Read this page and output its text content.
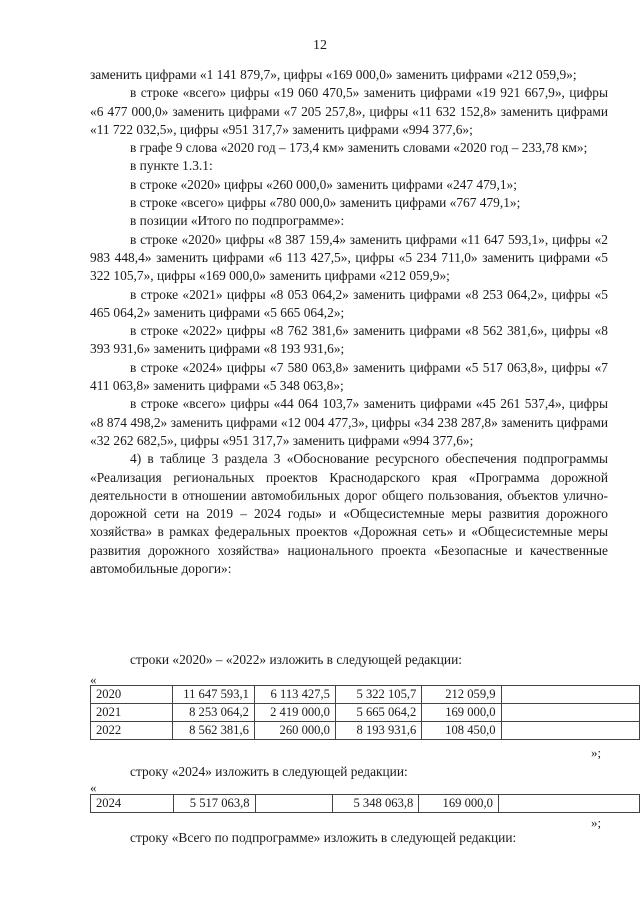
12

заменить цифрами «1 141 879,7», цифры «169 000,0» заменить цифрами «212 059,9»;

в строке «всего» цифры «19 060 470,5» заменить цифрами «19 921 667,9», цифры «6 477 000,0» заменить цифрами «7 205 257,8», цифры «11 632 152,8» заменить цифрами «11 722 032,5», цифры «951 317,7» заменить цифрами «994 377,6»;

в графе 9 слова «2020 год – 173,4 км» заменить словами «2020 год – 233,78 км»;

в пункте 1.3.1:

в строке «2020» цифры «260 000,0» заменить цифрами «247 479,1»;

в строке «всего» цифры «780 000,0» заменить цифрами «767 479,1»;

в позиции «Итого по подпрограмме»:

в строке «2020» цифры «8 387 159,4» заменить цифрами «11 647 593,1», цифры «2 983 448,4» заменить цифрами «6 113 427,5», цифры «5 234 711,0» заменить цифрами «5 322 105,7», цифры «169 000,0» заменить цифрами «212 059,9»;

в строке «2021» цифры «8 053 064,2» заменить цифрами «8 253 064,2», цифры «5 465 064,2» заменить цифрами «5 665 064,2»;

в строке «2022» цифры «8 762 381,6» заменить цифрами «8 562 381,6», цифры «8 393 931,6» заменить цифрами «8 193 931,6»;

в строке «2024» цифры «7 580 063,8» заменить цифрами «5 517 063,8», цифры «7 411 063,8» заменить цифрами «5 348 063,8»;

в строке «всего» цифры «44 064 103,7» заменить цифрами «45 261 537,4», цифры «8 874 498,2» заменить цифрами «12 004 477,3», цифры «34 238 287,8» заменить цифрами «32 262 682,5», цифры «951 317,7» заменить цифрами «994 377,6»;

4) в таблице 3 раздела 3 «Обоснование ресурсного обеспечения подпрограммы «Реализация региональных проектов Краснодарского края «Программа дорожной деятельности в отношении автомобильных дорог общего пользования, объектов улично-дорожной сети на 2019 – 2024 годы» и «Общесистемные меры развития дорожного хозяйства» в рамках федеральных проектов «Дорожная сеть» и «Общесистемные меры развития дорожного хозяйства» национального проекта «Безопасные и качественные автомобильные дороги»:

строки «2020» – «2022» изложить в следующей редакции:
«
2020	11 647 593,1	6 113 427,5	5 322 105,7	212 059,9	
2021	8 253 064,2	2 419 000,0	5 665 064,2	169 000,0	
2022	8 562 381,6	260 000,0	8 193 931,6	108 450,0	
»;
строку «2024» изложить в следующей редакции:
«
2024	5 517 063,8		5 348 063,8	169 000,0	
»;
строку «Всего по подпрограмме» изложить в следующей редакции:
